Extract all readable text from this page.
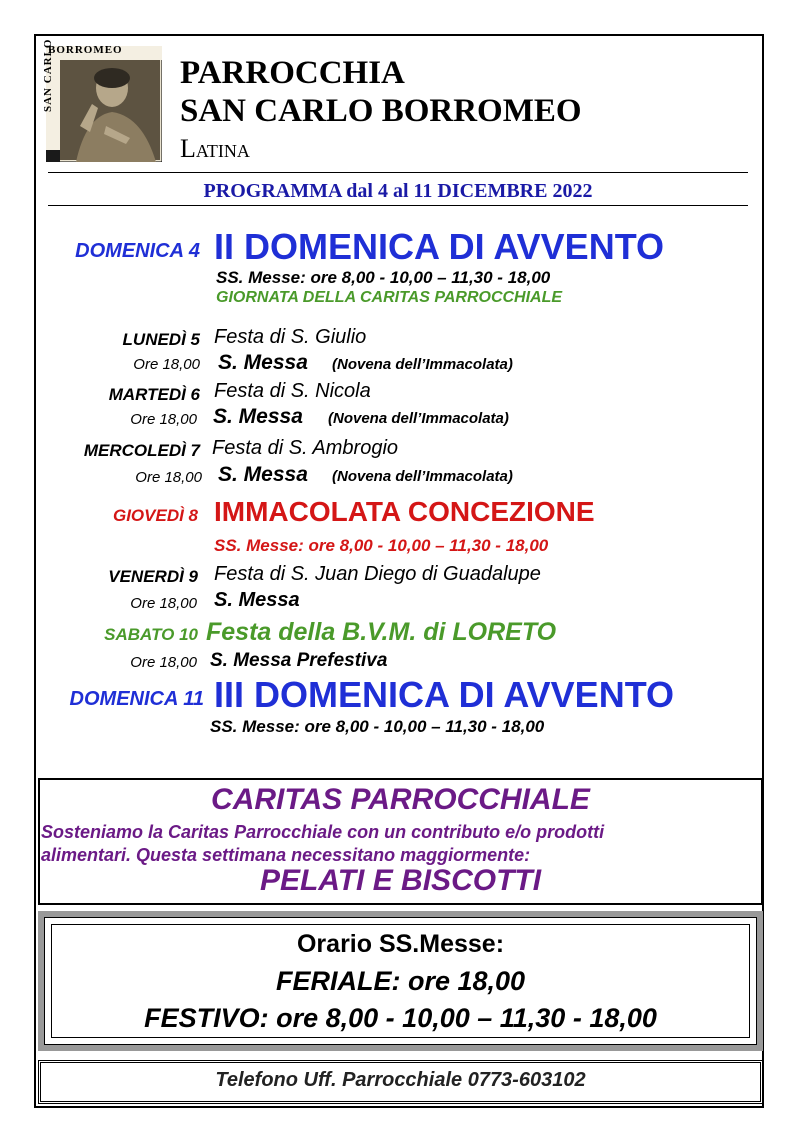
BORROMEO
SAN CARLO	PARROCCHIA
SAN CARLO BORROMEO
Latina
PROGRAMMA dal 4 al 11 DICEMBRE 2022
DOMENICA 4 II DOMENICA DI AVVENTO
SS. Messe: ore 8,00 - 10,00 – 11,30 - 18,00
GIORNATA DELLA CARITAS PARROCCHIALE
LUNEDÌ 5 Festa di S. Giulio
Ore 18,00 S. Messa (Novena dell’Immacolata)
MARTEDÌ 6 Festa di S. Nicola
Ore 18,00 S. Messa (Novena dell’Immacolata)
MERCOLEDÌ 7 Festa di S. Ambrogio
Ore 18,00 S. Messa (Novena dell’Immacolata)
GIOVEDÌ 8 IMMACOLATA CONCEZIONE
SS. Messe: ore 8,00 - 10,00 – 11,30 - 18,00
VENERDÌ 9 Festa di S. Juan Diego di Guadalupe
Ore 18,00 S. Messa
SABATO 10 Festa della B.V.M. di LORETO
Ore 18,00 S. Messa Prefestiva
DOMENICA 11 III DOMENICA DI AVVENTO
SS. Messe: ore 8,00 - 10,00 – 11,30 - 18,00
CARITAS PARROCCHIALE
Sosteniamo la Caritas Parrocchiale con un contributo e/o prodotti
alimentari. Questa settimana necessitano maggiormente:
PELATI E BISCOTTI
Orario SS.Messe:
FERIALE: ore 18,00
FESTIVO: ore 8,00 - 10,00 – 11,30 - 18,00
Telefono Uff. Parrocchiale 0773-603102
